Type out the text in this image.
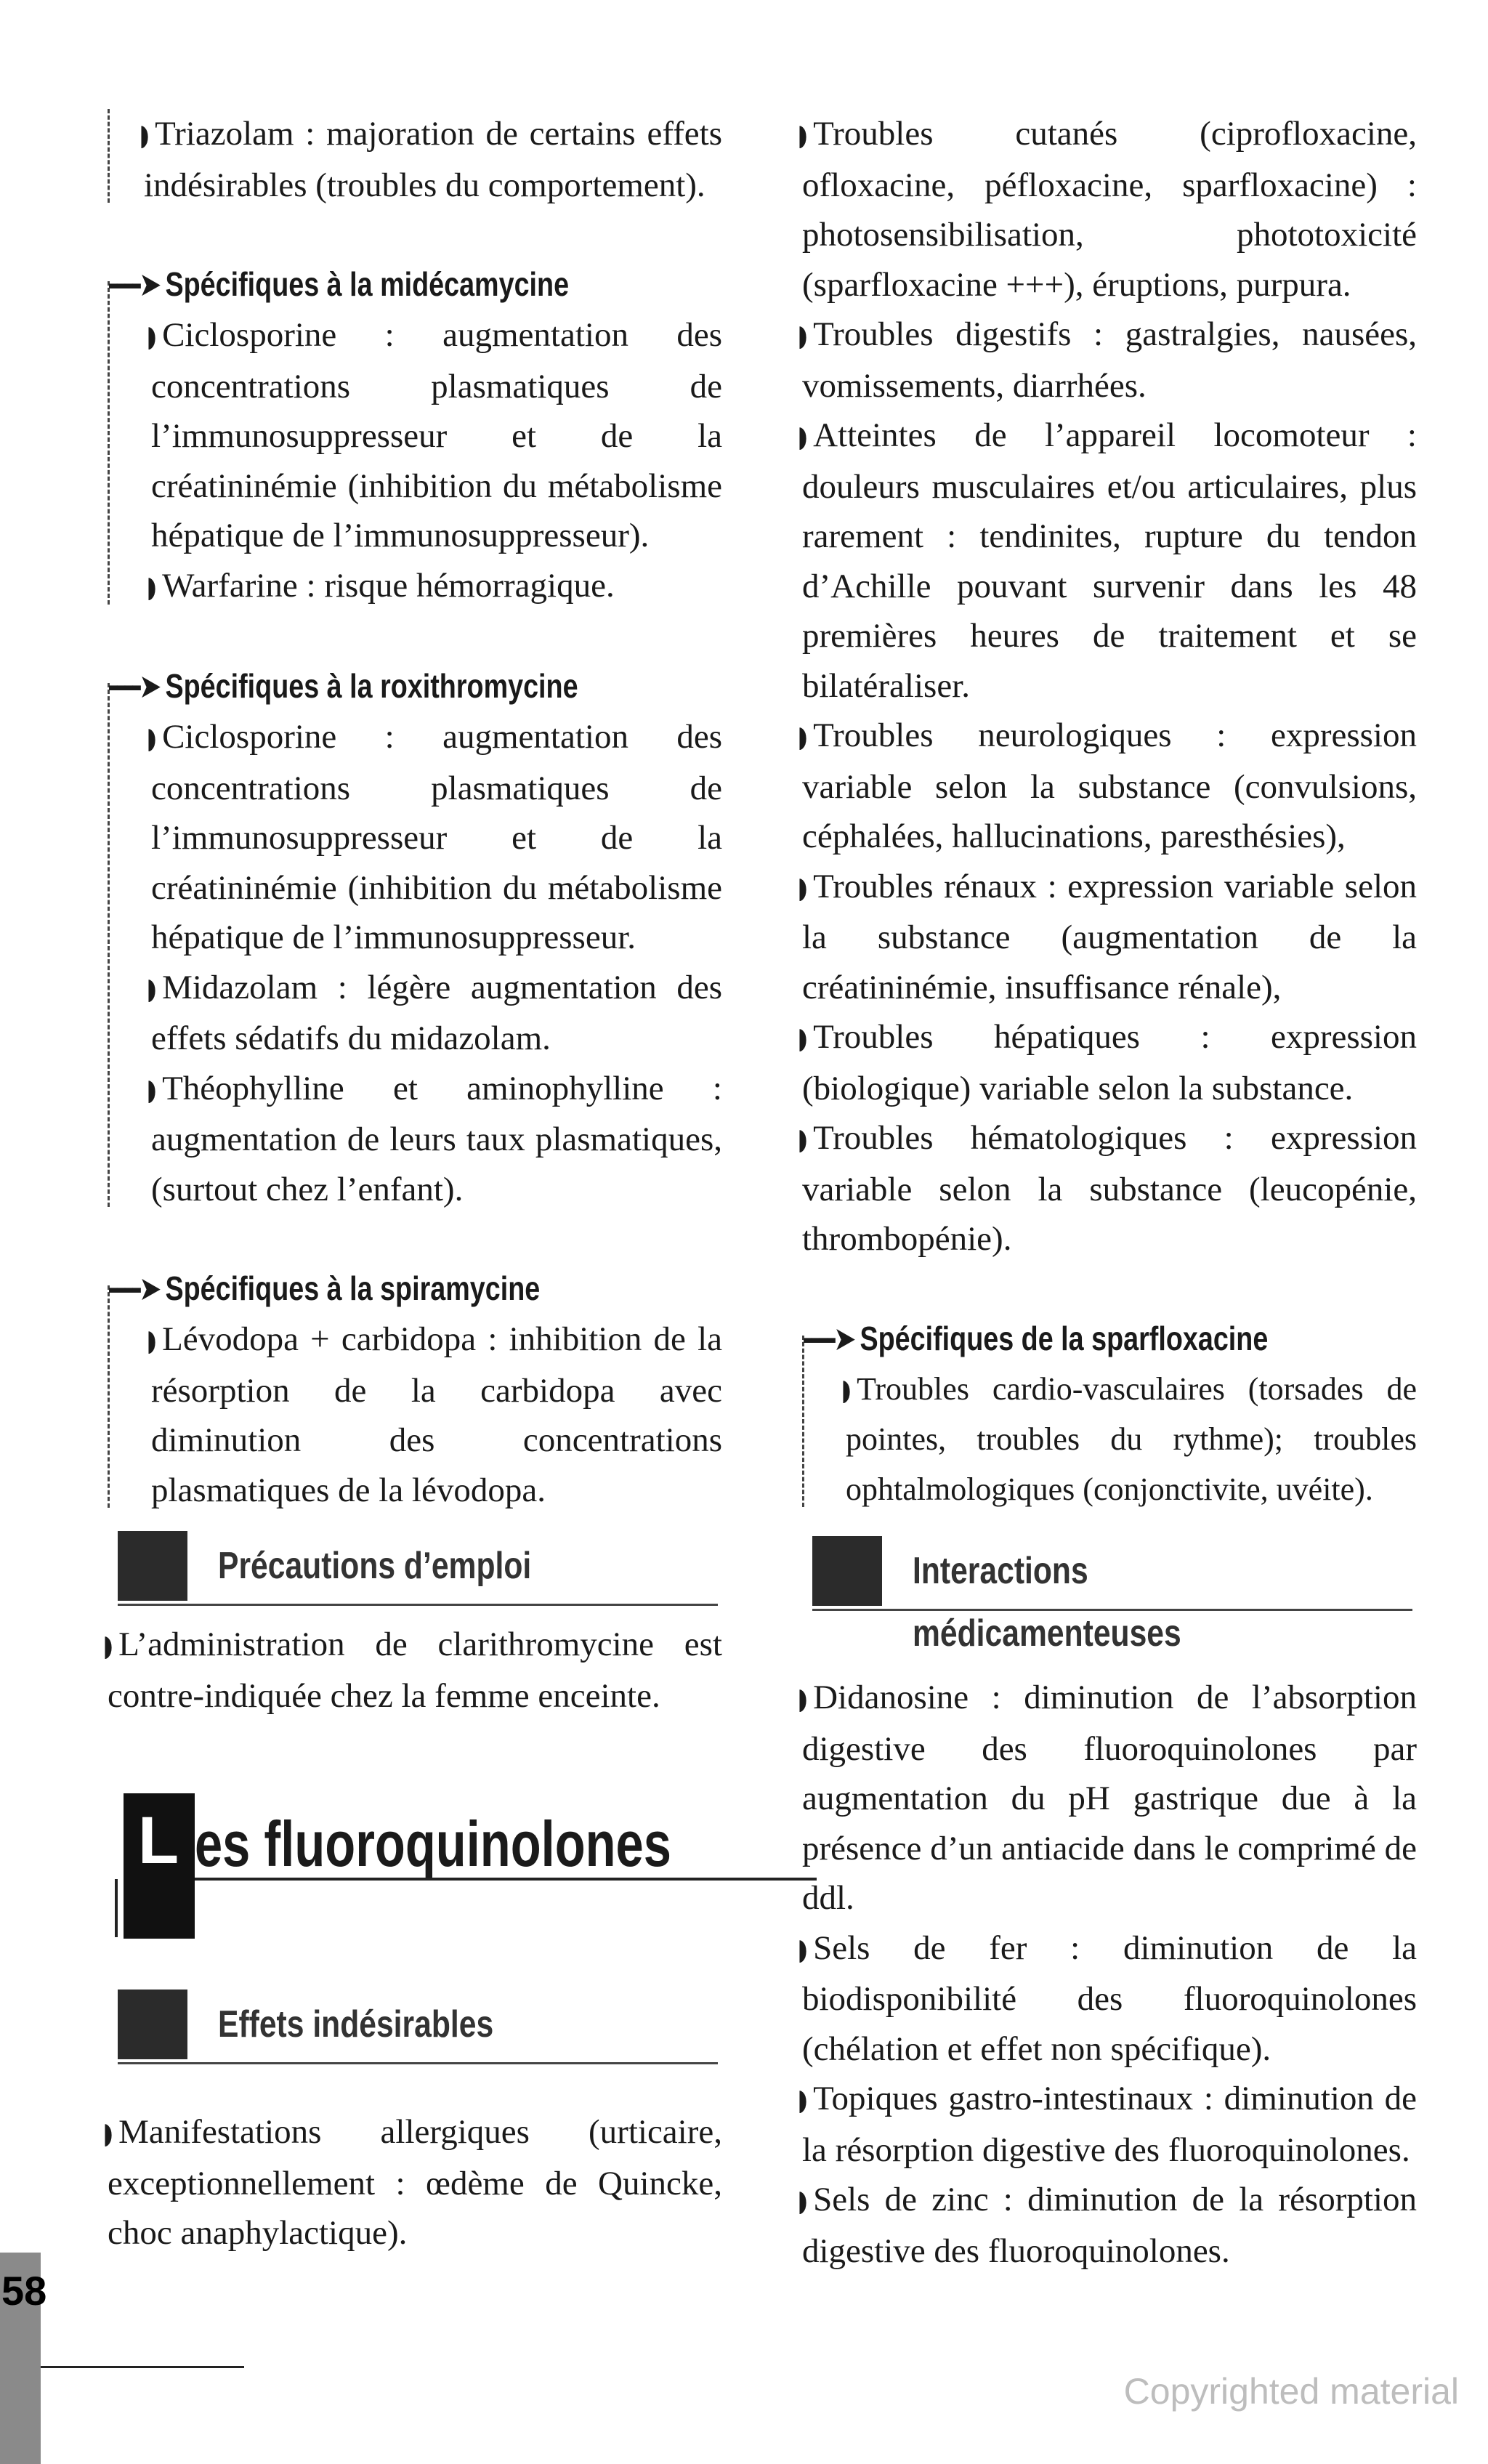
◗ Triazolam : majoration de certains effets indésirables (troubles du comportement).

‐‐‐‐➤ Spécifiques à la midécamycine

◗ Ciclosporine : augmentation des concentrations plasmatiques de l’immunosuppresseur et de la créatininémie (inhibition du métabolisme hépatique de l’immunosuppresseur).

◗ Warfarine : risque hémorragique.

‐‐‐‐➤ Spécifiques à la roxithromycine

◗ Ciclosporine : augmentation des concentrations plasmatiques de l’immunosuppresseur et de la créatininémie (inhibition du métabolisme hépatique de l’immunosuppresseur.

◗ Midazolam : légère augmentation des effets sédatifs du midazolam.

◗ Théophylline et aminophylline : augmentation de leurs taux plasmatiques, (surtout chez l’enfant).

‐‐‐‐➤ Spécifiques à la spiramycine

◗ Lévodopa + carbidopa : inhibition de la résorption de la carbidopa avec diminution des concentrations plasmatiques de la lévodopa.

Précautions d’emploi

◗ L’administration de clarithromycine est contre-indiquée chez la femme enceinte.

L es fluoroquinolones
Effets indésirables

◗ Manifestations allergiques (urticaire, exceptionnellement : œdème de Quincke, choc anaphylactique).

◗ Troubles cutanés (ciprofloxacine, ofloxacine, péfloxacine, sparfloxacine) : photosensibilisation, phototoxicité (sparfloxacine +++), éruptions, purpura.

◗ Troubles digestifs : gastralgies, nausées, vomissements, diarrhées.

◗ Atteintes de l’appareil locomoteur : douleurs musculaires et/ou articulaires, plus rarement : tendinites, rupture du tendon d’Achille pouvant survenir dans les 48 premières heures de traitement et se bilatéraliser.

◗ Troubles neurologiques : expression variable selon la substance (convulsions, céphalées, hallucinations, paresthésies),

◗ Troubles rénaux : expression variable selon la substance (augmentation de la créatininémie, insuffisance rénale),

◗ Troubles hépatiques : expression (biologique) variable selon la substance.

◗ Troubles hématologiques : expression variable selon la substance (leucopénie, thrombopénie).

‐‐‐‐➤ Spécifiques de la sparfloxacine

◗ Troubles cardio-vasculaires (torsades de pointes, troubles du rythme); troubles ophtalmologiques (conjonctivite, uvéite).

Interactions
médicamenteuses

◗ Didanosine : diminution de l’absorption digestive des fluoroquinolones par augmentation du pH gastrique due à la présence d’un antiacide dans le comprimé de ddl.

◗ Sels de fer : diminution de la biodisponibilité des fluoroquinolones (chélation et effet non spécifique).

◗ Topiques gastro-intestinaux : diminution de la résorption digestive des fluoroquinolones.

◗ Sels de zinc : diminution de la résorption digestive des fluoroquinolones.

58
Copyrighted material
